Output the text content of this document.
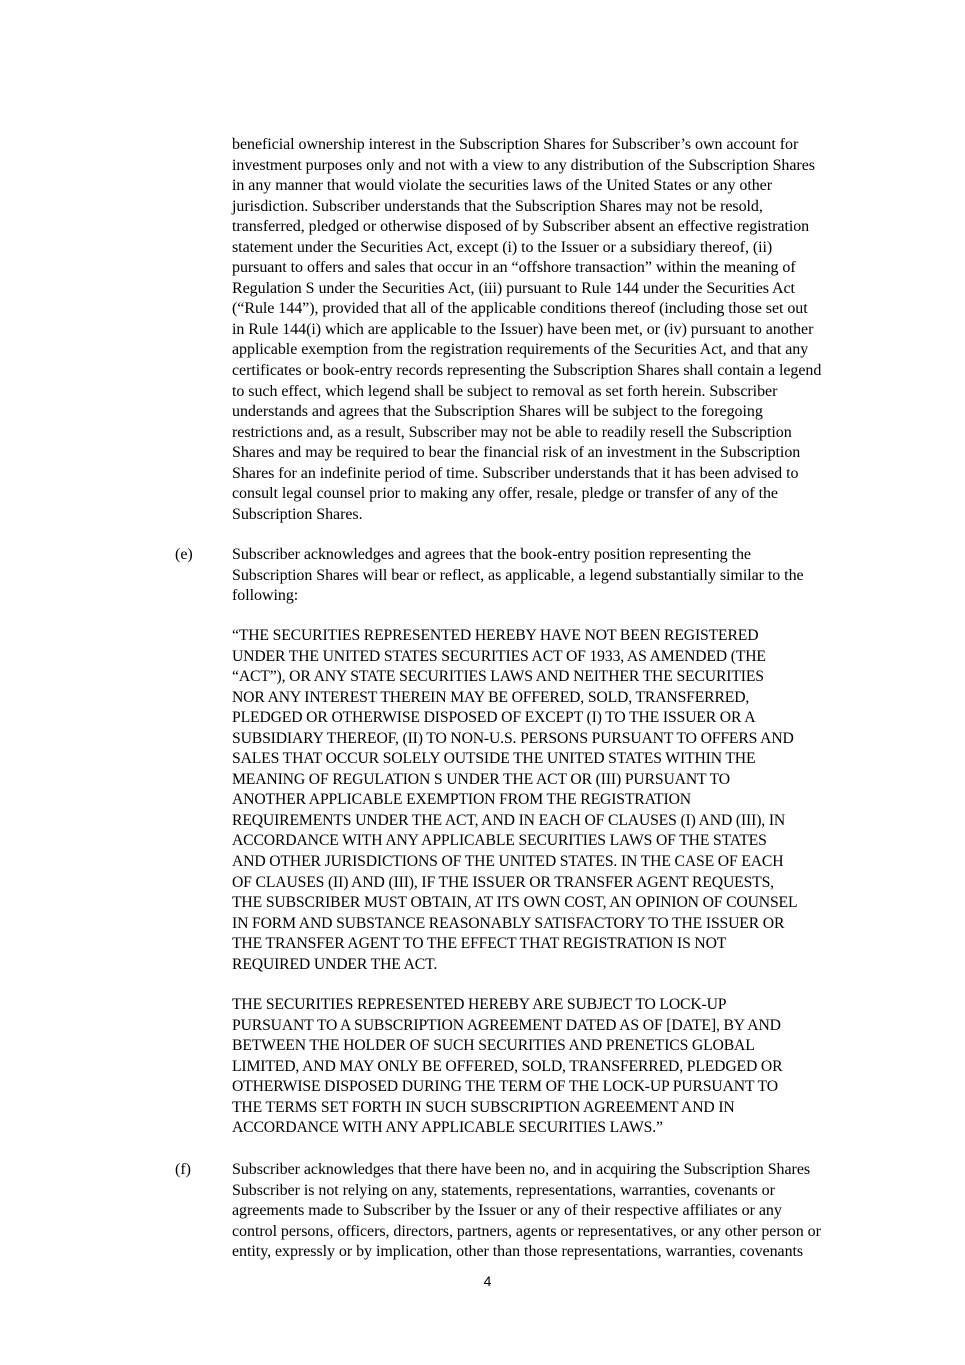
beneficial ownership interest in the Subscription Shares for Subscriber’s own account for
investment purposes only and not with a view to any distribution of the Subscription Shares
in any manner that would violate the securities laws of the United States or any other
jurisdiction. Subscriber understands that the Subscription Shares may not be resold,
transferred, pledged or otherwise disposed of by Subscriber absent an effective registration
statement under the Securities Act, except (i) to the Issuer or a subsidiary thereof, (ii)
pursuant to offers and sales that occur in an “offshore transaction” within the meaning of
Regulation S under the Securities Act, (iii) pursuant to Rule 144 under the Securities Act
(“Rule 144”), provided that all of the applicable conditions thereof (including those set out
in Rule 144(i) which are applicable to the Issuer) have been met, or (iv) pursuant to another
applicable exemption from the registration requirements of the Securities Act, and that any
certificates or book-entry records representing the Subscription Shares shall contain a legend
to such effect, which legend shall be subject to removal as set forth herein. Subscriber
understands and agrees that the Subscription Shares will be subject to the foregoing
restrictions and, as a result, Subscriber may not be able to readily resell the Subscription
Shares and may be required to bear the financial risk of an investment in the Subscription
Shares for an indefinite period of time. Subscriber understands that it has been advised to
consult legal counsel prior to making any offer, resale, pledge or transfer of any of the
Subscription Shares.

(e) Subscriber acknowledges and agrees that the book-entry position representing the
Subscription Shares will bear or reflect, as applicable, a legend substantially similar to the
following:

“THE SECURITIES REPRESENTED HEREBY HAVE NOT BEEN REGISTERED
UNDER THE UNITED STATES SECURITIES ACT OF 1933, AS AMENDED (THE
“ACT”), OR ANY STATE SECURITIES LAWS AND NEITHER THE SECURITIES
NOR ANY INTEREST THEREIN MAY BE OFFERED, SOLD, TRANSFERRED,
PLEDGED OR OTHERWISE DISPOSED OF EXCEPT (I) TO THE ISSUER OR A
SUBSIDIARY THEREOF, (II) TO NON-U.S. PERSONS PURSUANT TO OFFERS AND
SALES THAT OCCUR SOLELY OUTSIDE THE UNITED STATES WITHIN THE
MEANING OF REGULATION S UNDER THE ACT OR (III) PURSUANT TO
ANOTHER APPLICABLE EXEMPTION FROM THE REGISTRATION
REQUIREMENTS UNDER THE ACT, AND IN EACH OF CLAUSES (I) AND (III), IN
ACCORDANCE WITH ANY APPLICABLE SECURITIES LAWS OF THE STATES
AND OTHER JURISDICTIONS OF THE UNITED STATES. IN THE CASE OF EACH
OF CLAUSES (II) AND (III), IF THE ISSUER OR TRANSFER AGENT REQUESTS,
THE SUBSCRIBER MUST OBTAIN, AT ITS OWN COST, AN OPINION OF COUNSEL
IN FORM AND SUBSTANCE REASONABLY SATISFACTORY TO THE ISSUER OR
THE TRANSFER AGENT TO THE EFFECT THAT REGISTRATION IS NOT
REQUIRED UNDER THE ACT.

THE SECURITIES REPRESENTED HEREBY ARE SUBJECT TO LOCK-UP
PURSUANT TO A SUBSCRIPTION AGREEMENT DATED AS OF [DATE], BY AND
BETWEEN THE HOLDER OF SUCH SECURITIES AND PRENETICS GLOBAL
LIMITED, AND MAY ONLY BE OFFERED, SOLD, TRANSFERRED, PLEDGED OR
OTHERWISE DISPOSED DURING THE TERM OF THE LOCK-UP PURSUANT TO
THE TERMS SET FORTH IN SUCH SUBSCRIPTION AGREEMENT AND IN
ACCORDANCE WITH ANY APPLICABLE SECURITIES LAWS.”

(f)	Subscriber acknowledges that there have been no, and in acquiring the Subscription Shares
Subscriber is not relying on any, statements, representations, warranties, covenants or
agreements made to Subscriber by the Issuer or any of their respective affiliates or any
control persons, officers, directors, partners, agents or representatives, or any other person or
entity, expressly or by implication, other than those representations, warranties, covenants

4
